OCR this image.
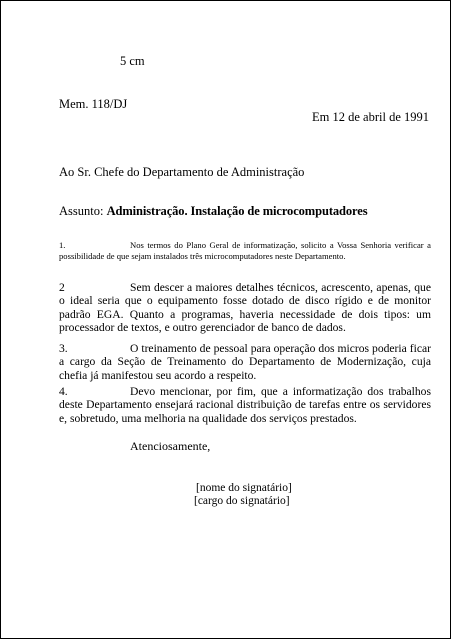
5 cm
Mem. 118/DJ
Em 12 de abril de 1991
Ao Sr. Chefe do Departamento de Administração
Assunto: Administração. Instalação de microcomputadores
1.	Nos termos do Plano Geral de informatização, solicito a Vossa Senhoria verificar a possibilidade de que sejam instalados três microcomputadores neste Departamento.
2	Sem descer a maiores detalhes técnicos, acrescento, apenas, que o ideal seria que o equipamento fosse dotado de disco rígido e de monitor padrão EGA. Quanto a programas, haveria necessidade de dois tipos: um processador de textos, e outro gerenciador de banco de dados.
3.	O treinamento de pessoal para operação dos micros poderia ficar a cargo da Seção de Treinamento do Departamento de Modernização, cuja chefia já manifestou seu acordo a respeito.
4.	Devo mencionar, por fim, que a informatização dos trabalhos deste Departamento ensejará racional distribuição de tarefas entre os servidores e, sobretudo, uma melhoria na qualidade dos serviços prestados.
Atenciosamente,
[nome do signatário]
[cargo do signatário]
